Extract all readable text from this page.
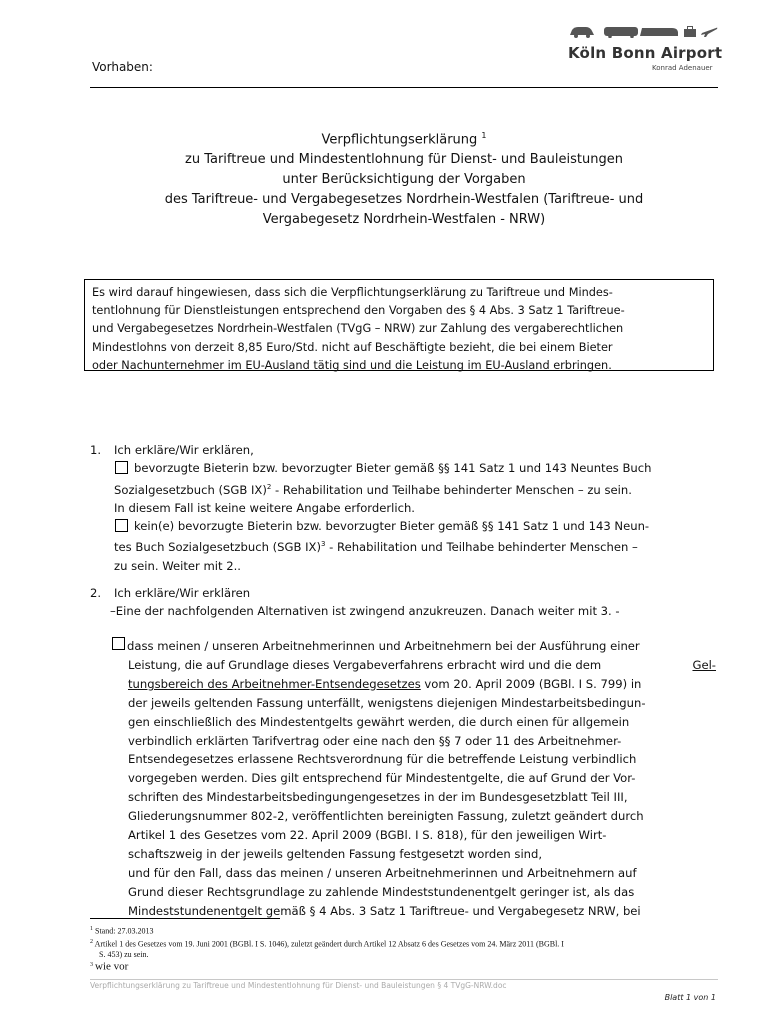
Vorhaben:
Köln Bonn Airport
Konrad Adenauer
Verpflichtungserklärung $^1$
zu Tariftreue und Mindestentlohnung für Dienst- und Bauleistungen
unter Berücksichtigung der Vorgaben
des Tariftreue- und Vergabegesetzes Nordrhein-Westfalen (Tariftreue- und
Vergabegesetz Nordrhein-Westfalen - NRW)
Es wird darauf hingewiesen, dass sich die Verpflichtungserklärung zu Tariftreue und Mindes-
tentlohnung für Dienstleistungen entsprechend den Vorgaben des § 4 Abs. 3 Satz 1 Tariftreue-
und Vergabegesetzes Nordrhein-Westfalen (TVgG – NRW) zur Zahlung des vergaberechtlichen
Mindestlohns von derzeit 8,85 Euro/Std. nicht auf Beschäftigte bezieht, die bei einem Bieter
oder Nachunternehmer im EU-Ausland tätig sind und die Leistung im EU-Ausland erbringen.
1. Ich erkläre/Wir erklären,
bevorzugte Bieterin bzw. bevorzugter Bieter gemäß §§ 141 Satz 1 und 143 Neuntes Buch
Sozialgesetzbuch (SGB IX)$^2$ - Rehabilitation und Teilhabe behinderter Menschen – zu sein.
In diesem Fall ist keine weitere Angabe erforderlich.
kein(e) bevorzugte Bieterin bzw. bevorzugter Bieter gemäß §§ 141 Satz 1 und 143 Neun-
tes Buch Sozialgesetzbuch (SGB IX)$^3$ - Rehabilitation und Teilhabe behinderter Menschen –
zu sein. Weiter mit 2..
2. Ich erkläre/Wir erklären
–Eine der nachfolgenden Alternativen ist zwingend anzukreuzen. Danach weiter mit 3. -
dass meinen / unseren Arbeitnehmerinnen und Arbeitnehmern bei der Ausführung einer
Leistung, die auf Grundlage dieses Vergabeverfahrens erbracht wird und die dem	Gel-
tungsbereich des Arbeitnehmer-Entsendegesetzes vom 20. April 2009 (BGBl. I S. 799) in
der jeweils geltenden Fassung unterfällt, wenigstens diejenigen Mindestarbeitsbedingun-
gen einschließlich des Mindestentgelts gewährt werden, die durch einen für allgemein
verbindlich erklärten Tarifvertrag oder eine nach den §§ 7 oder 11 des Arbeitnehmer-
Entsendegesetzes erlassene Rechtsverordnung für die betreffende Leistung verbindlich
vorgegeben werden. Dies gilt entsprechend für Mindestentgelte, die auf Grund der Vor-
schriften des Mindestarbeitsbedingungengesetzes in der im Bundesgesetzblatt Teil III,
Gliederungsnummer 802-2, veröffentlichten bereinigten Fassung, zuletzt geändert durch
Artikel 1 des Gesetzes vom 22. April 2009 (BGBl. I S. 818), für den jeweiligen Wirt-
schaftszweig in der jeweils geltenden Fassung festgesetzt worden sind,
und für den Fall, dass das meinen / unseren Arbeitnehmerinnen und Arbeitnehmern auf
Grund dieser Rechtsgrundlage zu zahlende Mindeststundenentgelt geringer ist, als das
Mindeststundenentgelt gemäß § 4 Abs. 3 Satz 1 Tariftreue- und Vergabegesetz NRW, bei
$^1$ Stand: 27.03.2013
$^2$ Artikel 1 des Gesetzes vom 19. Juni 2001 (BGBl. I S. 1046), zuletzt geändert durch Artikel 12 Absatz 6 des Gesetzes vom 24. März 2011 (BGBl. I
S. 453) zu sein.
$^3$ wie vor
Verpflichtungserklärung zu Tariftreue und Mindestentlohnung für Dienst- und Bauleistungen § 4 TVgG-NRW.doc
Blatt 1 von 1
